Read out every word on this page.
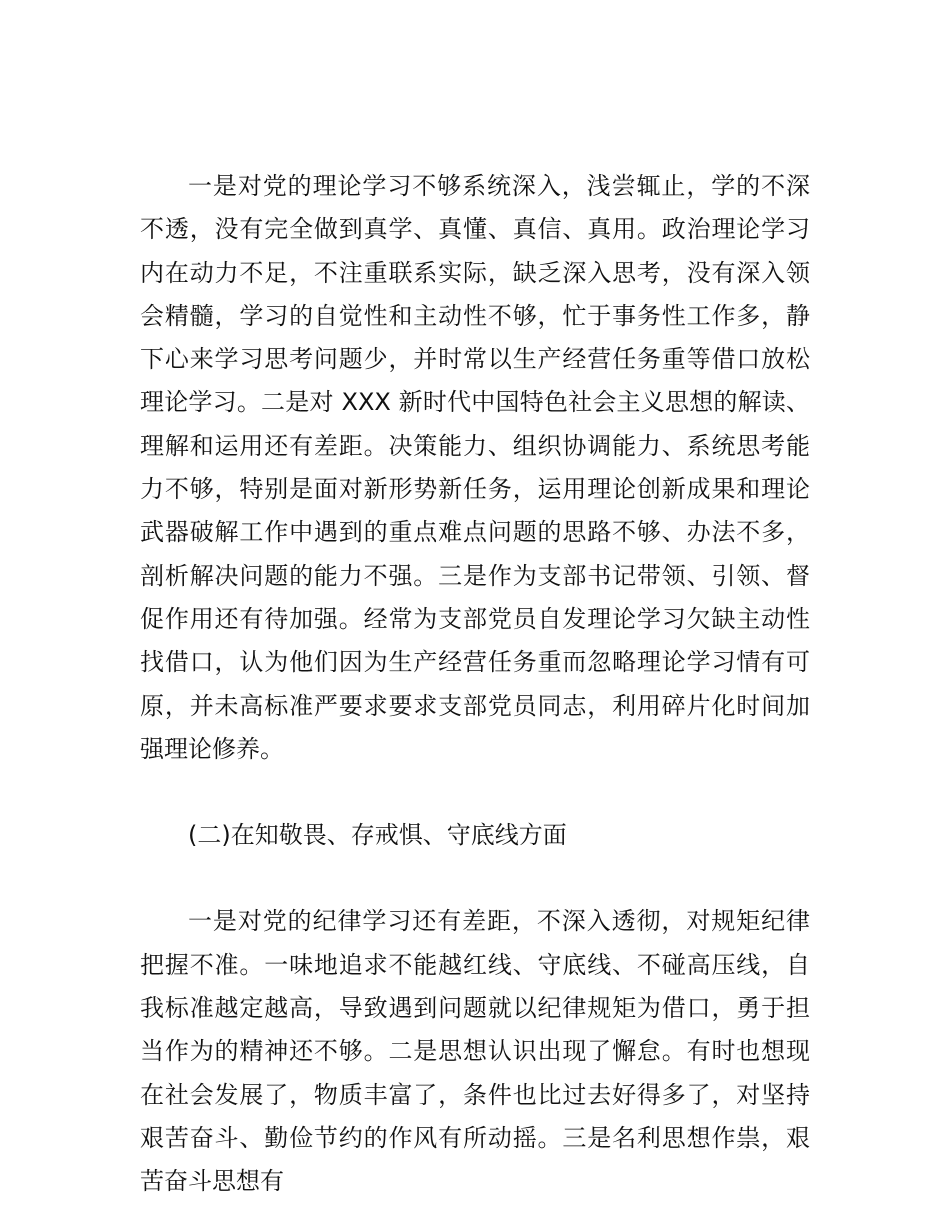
一是对党的理论学习不够系统深入，浅尝辄止，学的不深不透，没有完全做到真学、真懂、真信、真用。政治理论学习内在动力不足，不注重联系实际，缺乏深入思考，没有深入领会精髓，学习的自觉性和主动性不够，忙于事务性工作多，静下心来学习思考问题少，并时常以生产经营任务重等借口放松理论学习。二是对 XXX 新时代中国特色社会主义思想的解读、理解和运用还有差距。决策能力、组织协调能力、系统思考能力不够，特别是面对新形势新任务，运用理论创新成果和理论武器破解工作中遇到的重点难点问题的思路不够、办法不多，剖析解决问题的能力不强。三是作为支部书记带领、引领、督促作用还有待加强。经常为支部党员自发理论学习欠缺主动性找借口，认为他们因为生产经营任务重而忽略理论学习情有可原，并未高标准严要求要求支部党员同志，利用碎片化时间加强理论修养。

(二)在知敬畏、存戒惧、守底线方面

一是对党的纪律学习还有差距，不深入透彻，对规矩纪律把握不准。一味地追求不能越红线、守底线、不碰高压线，自我标准越定越高，导致遇到问题就以纪律规矩为借口，勇于担当作为的精神还不够。二是思想认识出现了懈怠。有时也想现在社会发展了，物质丰富了，条件也比过去好得多了，对坚持艰苦奋斗、勤俭节约的作风有所动摇。三是名利思想作祟，艰苦奋斗思想有
